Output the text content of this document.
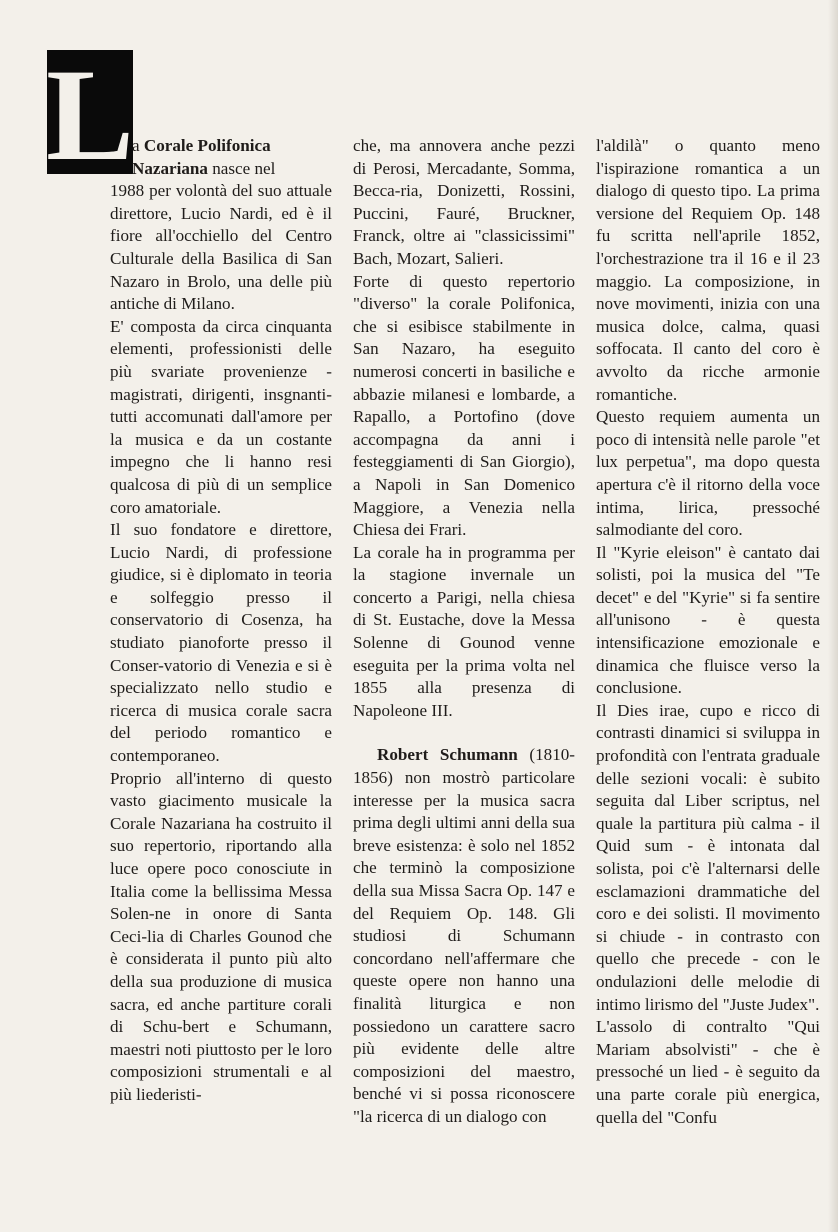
L
a Corale Polifonica
Nazariana nasce nel

1988 per volontà del suo attuale direttore, Lucio Nardi, ed è il fiore all'occhiello del Centro Culturale della Basilica di San Nazaro in Brolo, una delle più antiche di Milano.

E' composta da circa cinquanta elementi, professionisti delle più svariate provenienze - magistrati, dirigenti, insgnanti- tutti accomunati dall'amore per la musica e da un costante impegno che li hanno resi qualcosa di più di un semplice coro amatoriale.

Il suo fondatore e direttore, Lucio Nardi, di professione giudice, si è diplomato in teoria e solfeggio presso il conservatorio di Cosenza, ha studiato pianoforte presso il Conser-vatorio di Venezia e si è specializzato nello studio e ricerca di musica corale sacra del periodo romantico e contemporaneo.

Proprio all'interno di questo vasto giacimento musicale la Corale Nazariana ha costruito il suo repertorio, riportando alla luce opere poco conosciute in Italia come la bellissima Messa Solen-ne in onore di Santa Ceci-lia di Charles Gounod che è considerata il punto più alto della sua produzione di musica sacra, ed anche partiture corali di Schu-bert e Schumann, maestri noti piuttosto per le loro composizioni strumentali e al più liederisti-

che, ma annovera anche pezzi di Perosi, Mercadante, Somma, Becca-ria, Donizetti, Rossini, Puccini, Fauré, Bruckner, Franck, oltre ai "classicissimi" Bach, Mozart, Salieri.

Forte di questo repertorio "diverso" la corale Polifonica, che si esibisce stabilmente in San Nazaro, ha eseguito numerosi concerti in basiliche e abbazie milanesi e lombarde, a Rapallo, a Portofino (dove accompagna da anni i festeggiamenti di San Giorgio), a Napoli in San Domenico Maggiore, a Venezia nella Chiesa dei Frari.

La corale ha in programma per la stagione invernale un concerto a Parigi, nella chiesa di St. Eustache, dove la Messa Solenne di Gounod venne eseguita per la prima volta nel 1855 alla presenza di Napoleone III.

Robert Schumann (1810-1856) non mostrò particolare interesse per la musica sacra prima degli ultimi anni della sua breve esistenza: è solo nel 1852 che terminò la composizione della sua Missa Sacra Op. 147 e del Requiem Op. 148. Gli studiosi di Schumann concordano nell'affermare che queste opere non hanno una finalità liturgica e non possiedono un carattere sacro più evidente delle altre composizioni del maestro, benché vi si possa riconoscere "la ricerca di un dialogo con

l'aldilà" o quanto meno l'ispirazione romantica a un dialogo di questo tipo. La prima versione del Requiem Op. 148 fu scritta nell'aprile 1852, l'orchestrazione tra il 16 e il 23 maggio. La composizione, in nove movimenti, inizia con una musica dolce, calma, quasi soffocata. Il canto del coro è avvolto da ricche armonie romantiche.

Questo requiem aumenta un poco di intensità nelle parole "et lux perpetua", ma dopo questa apertura c'è il ritorno della voce intima, lirica, pressoché salmodiante del coro.

Il "Kyrie eleison" è cantato dai solisti, poi la musica del "Te decet" e del "Kyrie" si fa sentire all'unisono - è questa intensificazione emozionale e dinamica che fluisce verso la conclusione.

Il Dies irae, cupo e ricco di contrasti dinamici si sviluppa in profondità con l'entrata graduale delle sezioni vocali: è subito seguita dal Liber scriptus, nel quale la partitura più calma - il Quid sum - è intonata dal solista, poi c'è l'alternarsi delle esclamazioni drammatiche del coro e dei solisti. Il movimento si chiude - in contrasto con quello che precede - con le ondulazioni delle melodie di intimo lirismo del "Juste Judex".

L'assolo di contralto "Qui Mariam absolvisti" - che è pressoché un lied - è seguito da una parte corale più energica, quella del "Confu
